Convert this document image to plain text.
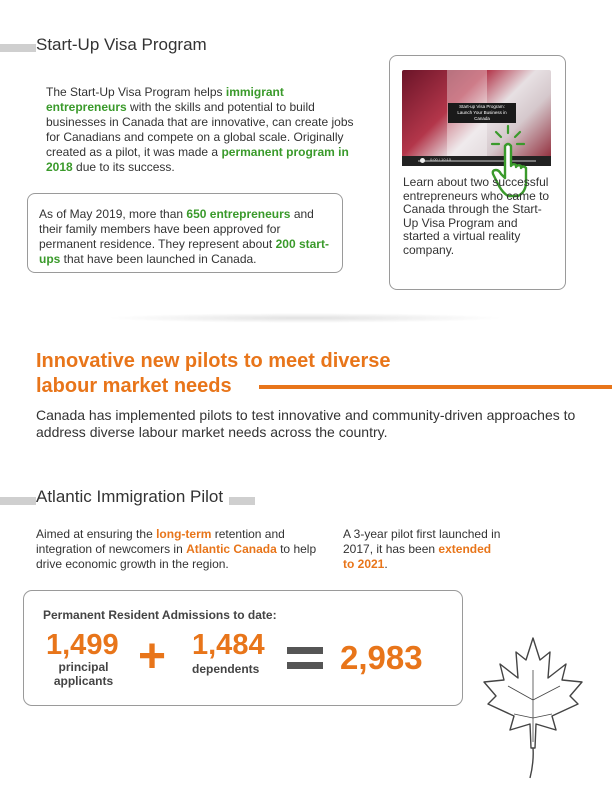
Start-Up Visa Program
The Start-Up Visa Program helps immigrant entrepreneurs with the skills and potential to build businesses in Canada that are innovative, can create jobs for Canadians and compete on a global scale. Originally created as a pilot, it was made a permanent program in 2018 due to its success.
As of May 2019, more than 650 entrepreneurs and their family members have been approved for permanent residence. They represent about 200 start-ups that have been launched in Canada.
Start-up Visa Program:
Launch Your Business in Canada
0:00 / 10:15
Learn about two successful entrepreneurs who came to Canada through the Start-Up Visa Program and started a virtual reality company.
Innovative new pilots to meet diverse
labour market needs
Canada has implemented pilots to test innovative and community-driven approaches to address diverse labour market needs across the country.
Atlantic Immigration Pilot
Aimed at ensuring the long-term retention and integration of newcomers in Atlantic Canada to help drive economic growth in the region.
A 3-year pilot first launched in 2017, it has been extended to 2021.
Permanent Resident Admissions to date:
1,499
principal applicants + 1,484
dependents	2,983
